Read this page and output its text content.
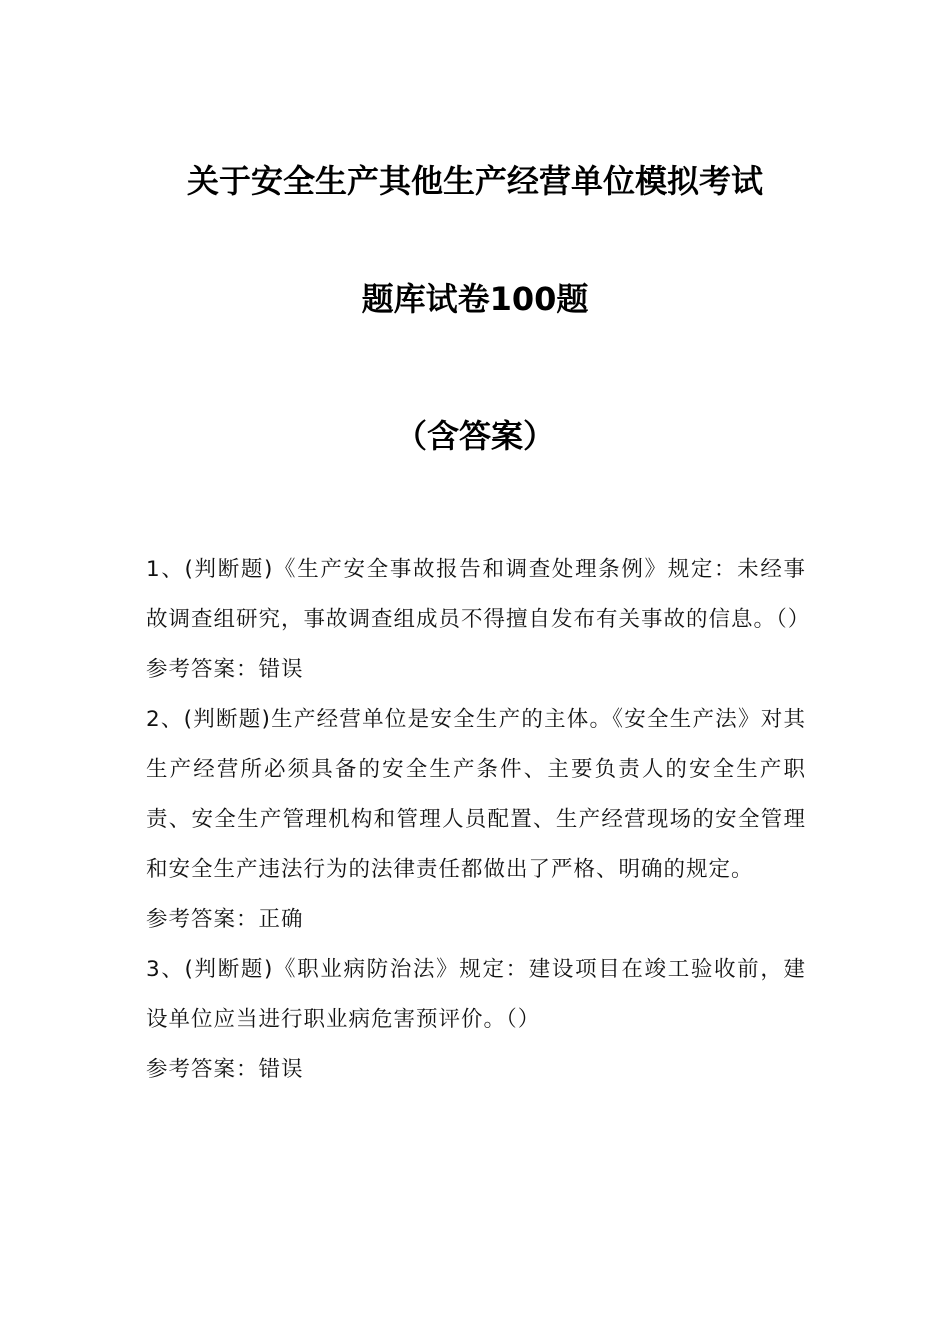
关于安全生产其他生产经营单位模拟考试
题库试卷100题
（含答案）

1、(判断题)《生产安全事故报告和调查处理条例》规定：未经事故调查组研究，事故调查组成员不得擅自发布有关事故的信息。（）

参考答案：错误

2、(判断题)生产经营单位是安全生产的主体。《安全生产法》对其生产经营所必须具备的安全生产条件、主要负责人的安全生产职责、安全生产管理机构和管理人员配置、生产经营现场的安全管理和安全生产违法行为的法律责任都做出了严格、明确的规定。

参考答案：正确

3、(判断题)《职业病防治法》规定：建设项目在竣工验收前，建设单位应当进行职业病危害预评价。（）

参考答案：错误
